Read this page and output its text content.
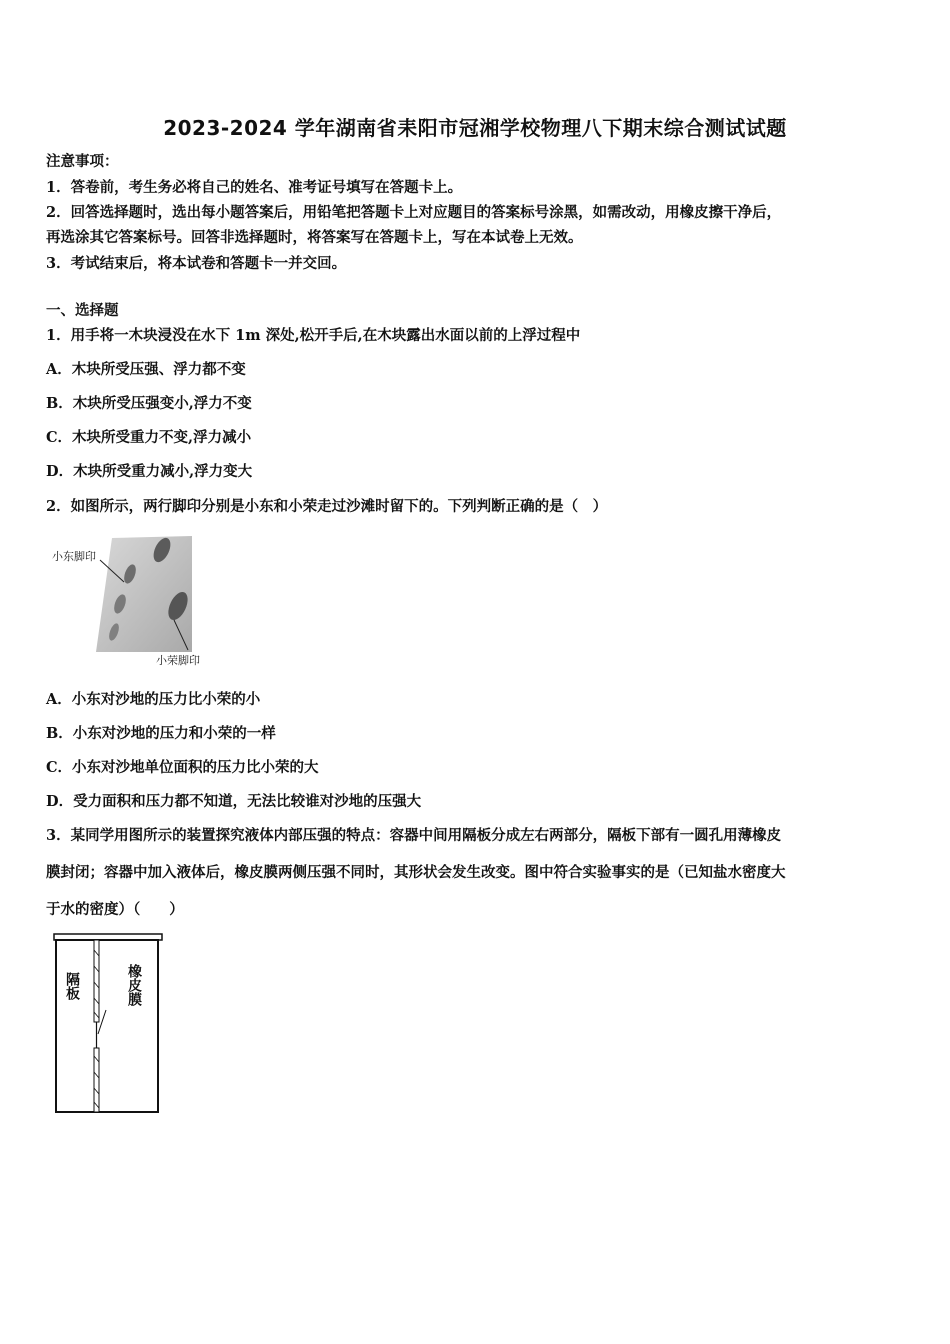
2023-2024 学年湖南省耒阳市冠湘学校物理八下期末综合测试试题
注意事项：
1．答卷前，考生务必将自己的姓名、准考证号填写在答题卡上。
2．回答选择题时，选出每小题答案后，用铅笔把答题卡上对应题目的答案标号涂黑，如需改动，用橡皮擦干净后，
再选涂其它答案标号。回答非选择题时，将答案写在答题卡上，写在本试卷上无效。
3．考试结束后，将本试卷和答题卡一并交回。
一、选择题
1．用手将一木块浸没在水下 1m 深处,松开手后,在木块露出水面以前的上浮过程中
A．木块所受压强、浮力都不变
B．木块所受压强变小,浮力不变
C．木块所受重力不变,浮力减小
D．木块所受重力减小,浮力变大
2．如图所示，两行脚印分别是小东和小荣走过沙滩时留下的。下列判断正确的是（　）
小东脚印
小荣脚印
A．小东对沙地的压力比小荣的小
B．小东对沙地的压力和小荣的一样
C．小东对沙地单位面积的压力比小荣的大
D．受力面积和压力都不知道，无法比较谁对沙地的压强大
3．某同学用图所示的装置探究液体内部压强的特点：容器中间用隔板分成左右两部分，隔板下部有一圆孔用薄橡皮
膜封闭；容器中加入液体后，橡皮膜两侧压强不同时，其形状会发生改变。图中符合实验事实的是（已知盐水密度大
于水的密度）（　　）
隔板	橡皮膜
